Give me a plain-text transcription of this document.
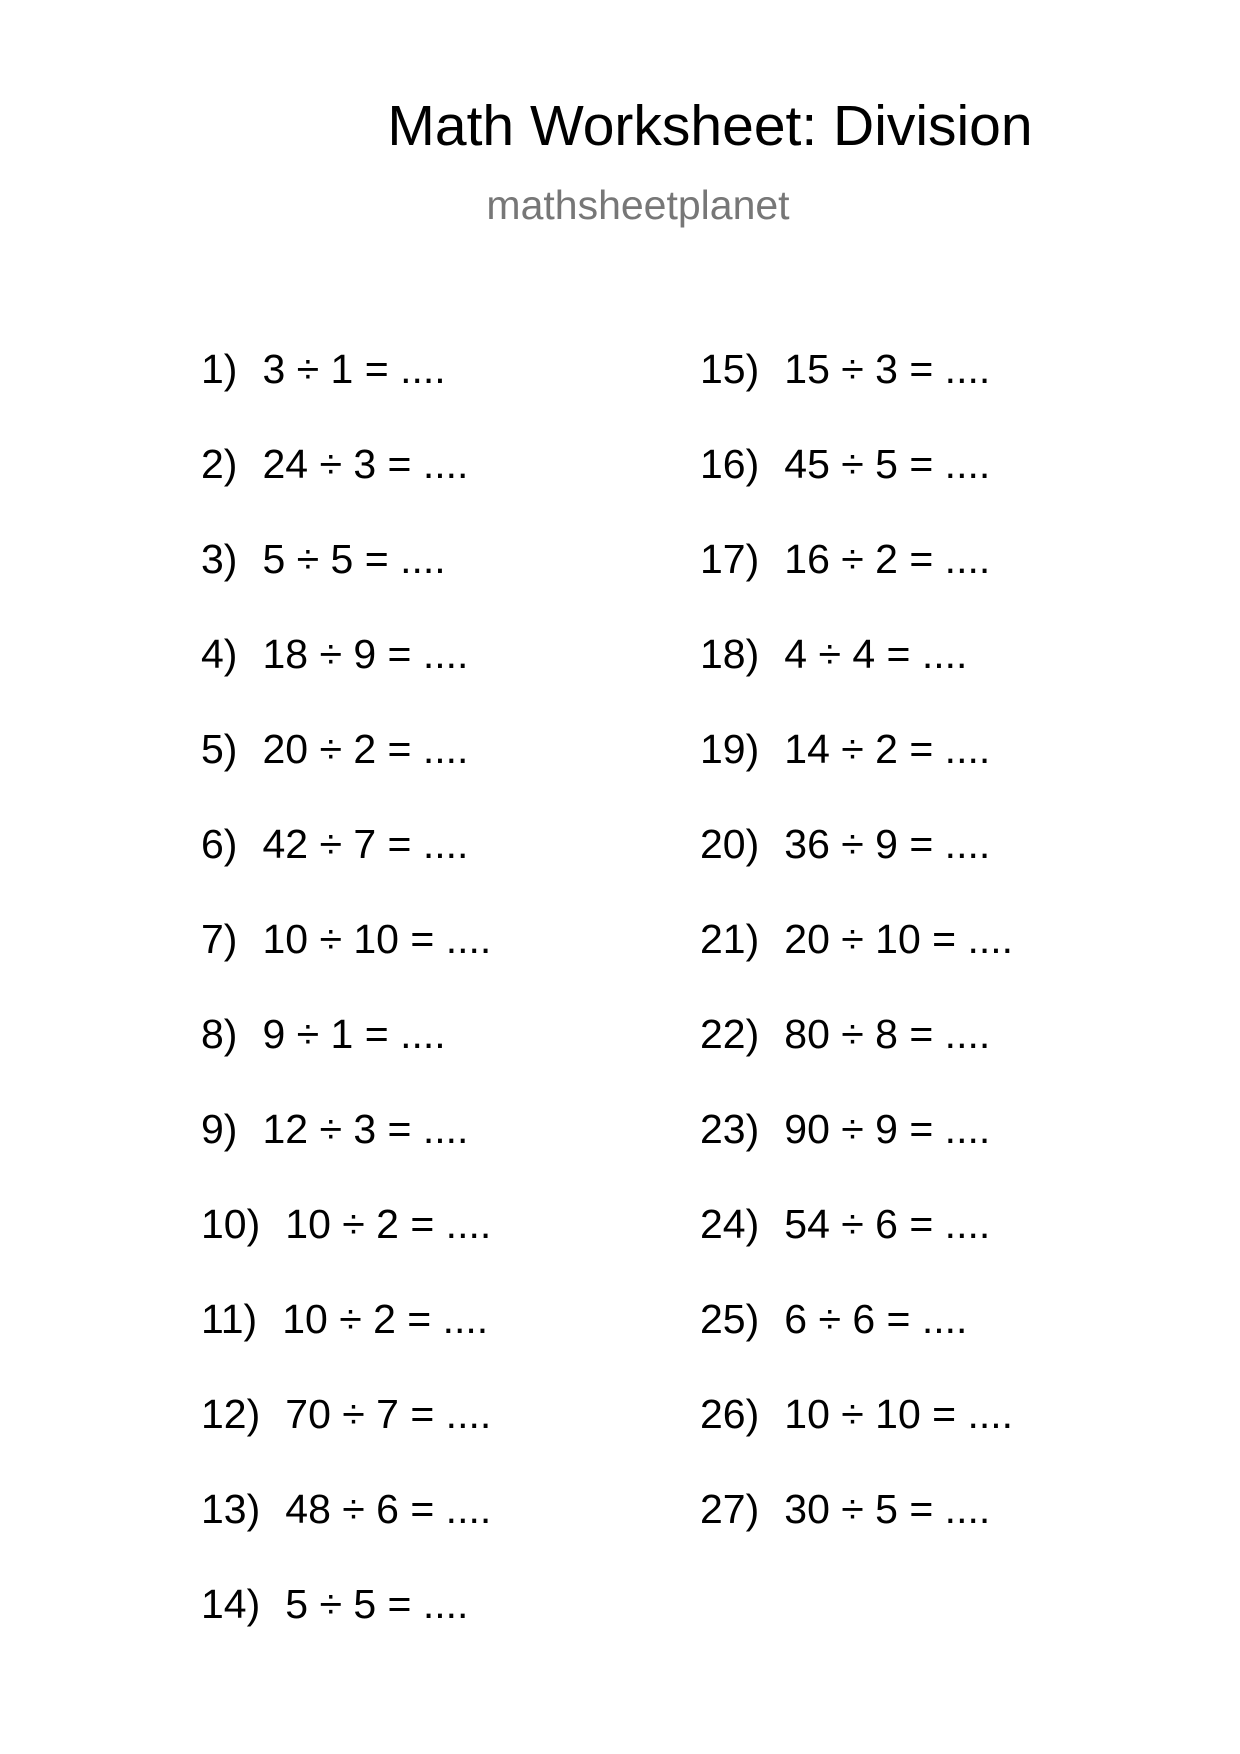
Math Worksheet: Division
mathsheetplanet
1) 3 ÷ 1 = ....
2) 24 ÷ 3 = ....
3) 5 ÷ 5 = ....
4) 18 ÷ 9 = ....
5) 20 ÷ 2 = ....
6) 42 ÷ 7 = ....
7) 10 ÷ 10 = ....
8) 9 ÷ 1 = ....
9) 12 ÷ 3 = ....
10) 10 ÷ 2 = ....
11) 10 ÷ 2 = ....
12) 70 ÷ 7 = ....
13) 48 ÷ 6 = ....
14) 5 ÷ 5 = ....
15) 15 ÷ 3 = ....
16) 45 ÷ 5 = ....
17) 16 ÷ 2 = ....
18) 4 ÷ 4 = ....
19) 14 ÷ 2 = ....
20) 36 ÷ 9 = ....
21) 20 ÷ 10 = ....
22) 80 ÷ 8 = ....
23) 90 ÷ 9 = ....
24) 54 ÷ 6 = ....
25) 6 ÷ 6 = ....
26) 10 ÷ 10 = ....
27) 30 ÷ 5 = ....
